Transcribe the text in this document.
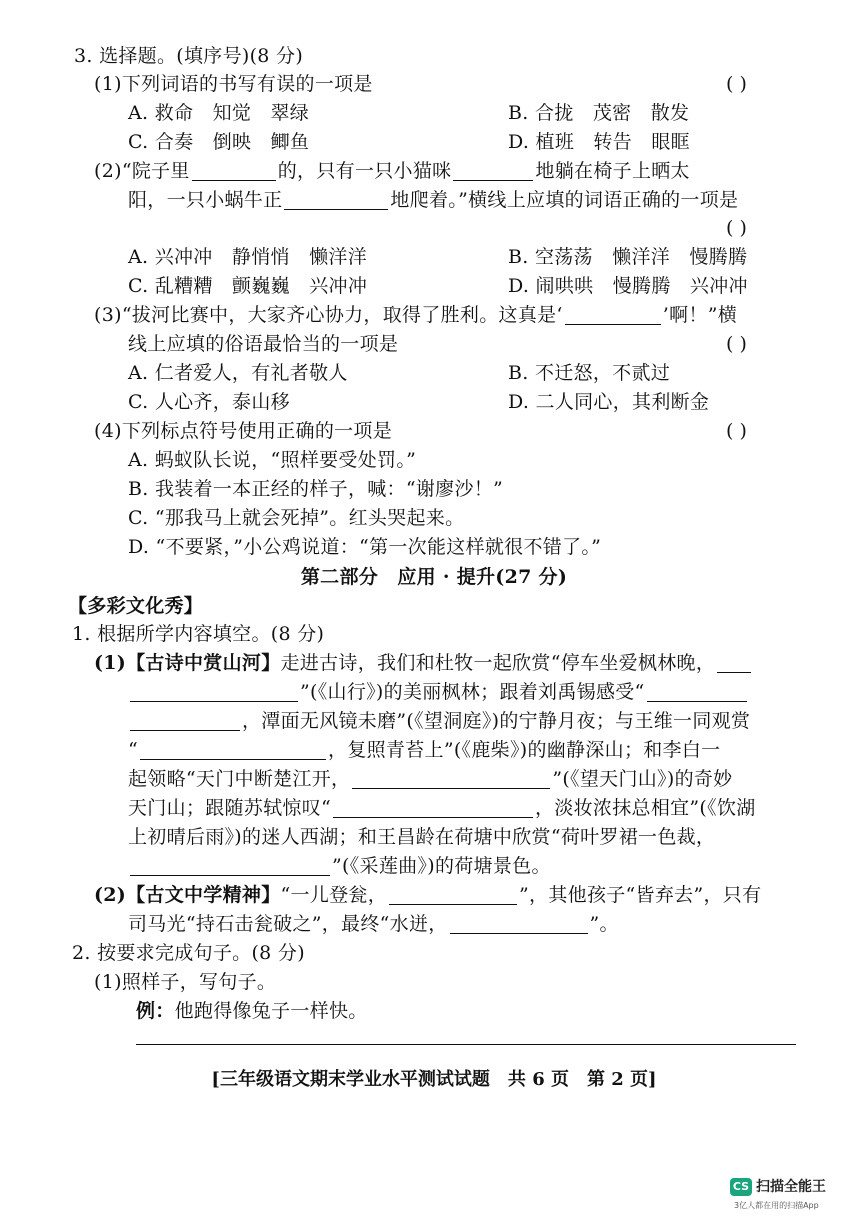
3. 选择题。(填序号)(8 分)
(1)下列词语的书写有误的一项是	( )
A. 救命　知觉　翠绿	B. 合拢　茂密　散发
C. 合奏　倒映　鲫鱼	D. 植班　转告　眼眶
(2)“院子里	的，只有一只小猫咪	地躺在椅子上晒太
阳，一只小蜗牛正	地爬着。”横线上应填的词语正确的一项是
( )
A. 兴冲冲　静悄悄　懒洋洋	B. 空荡荡　懒洋洋　慢腾腾
C. 乱糟糟　颤巍巍　兴冲冲	D. 闹哄哄　慢腾腾　兴冲冲
(3)“拔河比赛中，大家齐心协力，取得了胜利。这真是‘	’啊！”横
线上应填的俗语最恰当的一项是	( )
A. 仁者爱人，有礼者敬人	B. 不迁怒，不贰过
C. 人心齐，泰山移	D. 二人同心，其利断金
(4)下列标点符号使用正确的一项是	( )
A. 蚂蚁队长说，“照样要受处罚。”
B. 我装着一本正经的样子，喊：“谢廖沙！”
C. “那我马上就会死掉”。红头哭起来。
D. “不要紧，”小公鸡说道：“第一次能这样就很不错了。”
第二部分　应用 · 提升(27 分)
【多彩文化秀】
1. 根据所学内容填空。(8 分)
(1)【古诗中赏山河】走进古诗，我们和杜牧一起欣赏“停车坐爱枫林晚，
”(《山行》)的美丽枫林；跟着刘禹锡感受“
，潭面无风镜未磨”(《望洞庭》)的宁静月夜；与王维一同观赏
“	，复照青苔上”(《鹿柴》)的幽静深山；和李白一
起领略“天门中断楚江开，	”(《望天门山》)的奇妙
天门山；跟随苏轼惊叹“	，淡妆浓抹总相宜”(《饮湖
上初晴后雨》)的迷人西湖；和王昌龄在荷塘中欣赏“荷叶罗裙一色裁，
”(《采莲曲》)的荷塘景色。
(2)【古文中学精神】“一儿登瓮，	”，其他孩子“皆弃去”，只有
司马光“持石击瓮破之”，最终“水迸，	”。
2. 按要求完成句子。(8 分)
(1)照样子，写句子。
例：他跑得像兔子一样快。
[三年级语文期末学业水平测试试题　共 6 页　第 2 页]
CS 扫描全能王
3亿人都在用的扫描App
